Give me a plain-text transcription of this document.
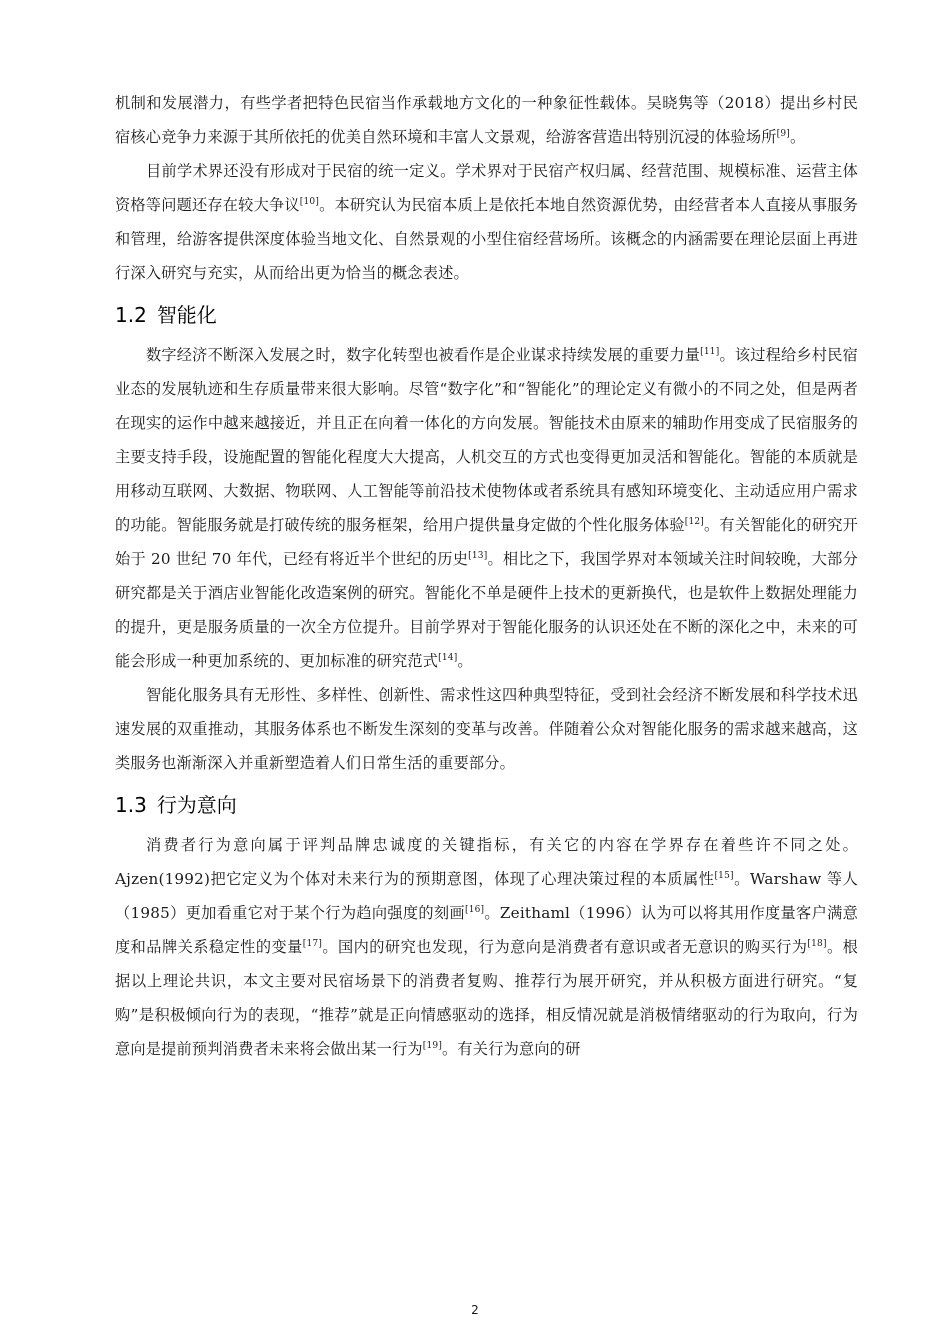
机制和发展潜力，有些学者把特色民宿当作承载地方文化的一种象征性载体。吴晓隽等（2018）提出乡村民宿核心竞争力来源于其所依托的优美自然环境和丰富人文景观，给游客营造出特别沉浸的体验场所[9]。

目前学术界还没有形成对于民宿的统一定义。学术界对于民宿产权归属、经营范围、规模标准、运营主体资格等问题还存在较大争议[10]。本研究认为民宿本质上是依托本地自然资源优势，由经营者本人直接从事服务和管理，给游客提供深度体验当地文化、自然景观的小型住宿经营场所。该概念的内涵需要在理论层面上再进行深入研究与充实，从而给出更为恰当的概念表述。

1.2 智能化

数字经济不断深入发展之时，数字化转型也被看作是企业谋求持续发展的重要力量[11]。该过程给乡村民宿业态的发展轨迹和生存质量带来很大影响。尽管“数字化”和“智能化”的理论定义有微小的不同之处，但是两者在现实的运作中越来越接近，并且正在向着一体化的方向发展。智能技术由原来的辅助作用变成了民宿服务的主要支持手段，设施配置的智能化程度大大提高，人机交互的方式也变得更加灵活和智能化。智能的本质就是用移动互联网、大数据、物联网、人工智能等前沿技术使物体或者系统具有感知环境变化、主动适应用户需求的功能。智能服务就是打破传统的服务框架，给用户提供量身定做的个性化服务体验[12]。有关智能化的研究开始于 20 世纪 70 年代，已经有将近半个世纪的历史[13]。相比之下，我国学界对本领域关注时间较晚，大部分研究都是关于酒店业智能化改造案例的研究。智能化不单是硬件上技术的更新换代，也是软件上数据处理能力的提升，更是服务质量的一次全方位提升。目前学界对于智能化服务的认识还处在不断的深化之中，未来的可能会形成一种更加系统的、更加标准的研究范式[14]。

智能化服务具有无形性、多样性、创新性、需求性这四种典型特征，受到社会经济不断发展和科学技术迅速发展的双重推动，其服务体系也不断发生深刻的变革与改善。伴随着公众对智能化服务的需求越来越高，这类服务也渐渐深入并重新塑造着人们日常生活的重要部分。

1.3 行为意向

消费者行为意向属于评判品牌忠诚度的关键指标，有关它的内容在学界存在着些许不同之处。Ajzen(1992)把它定义为个体对未来行为的预期意图，体现了心理决策过程的本质属性[15]。Warshaw 等人（1985）更加看重它对于某个行为趋向强度的刻画[16]。Zeithaml（1996）认为可以将其用作度量客户满意度和品牌关系稳定性的变量[17]。国内的研究也发现，行为意向是消费者有意识或者无意识的购买行为[18]。根据以上理论共识，本文主要对民宿场景下的消费者复购、推荐行为展开研究，并从积极方面进行研究。“复购”是积极倾向行为的表现，“推荐”就是正向情感驱动的选择，相反情况就是消极情绪驱动的行为取向，行为意向是提前预判消费者未来将会做出某一行为[19]。有关行为意向的研

2
